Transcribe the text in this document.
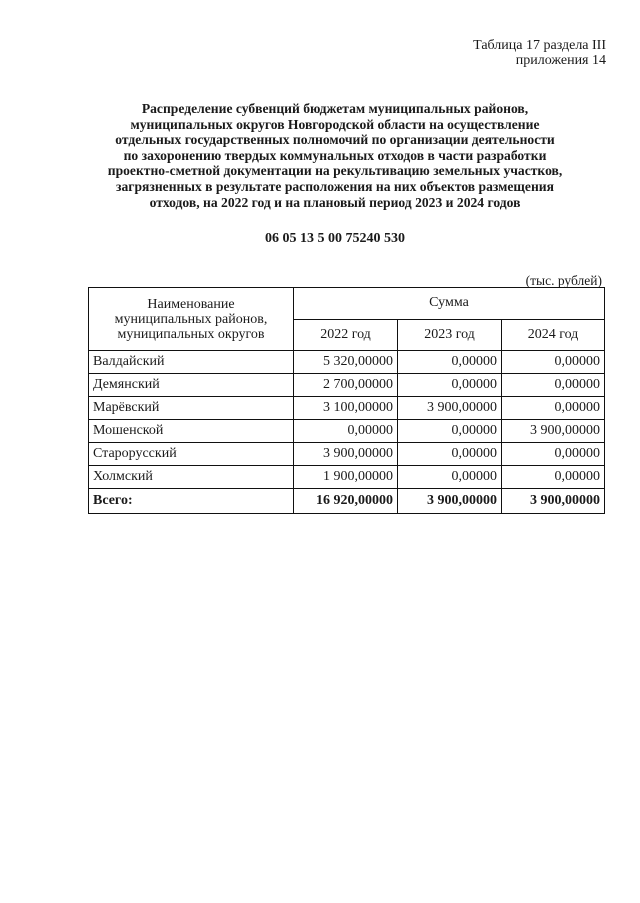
Таблица 17 раздела III
приложения 14
Распределение субвенций бюджетам муниципальных районов,
муниципальных округов Новгородской области на осуществление
отдельных государственных полномочий по организации деятельности
по захоронению твердых коммунальных отходов в части разработки
проектно-сметной документации на рекультивацию земельных участков,
загрязненных в результате расположения на них объектов размещения
отходов, на 2022 год и на плановый период 2023 и 2024 годов
06 05 13 5 00 75240 530
(тыс. рублей)
Наименование
муниципальных районов,
муниципальных округов	Сумма		
	2022 год	2023 год	2024 год
Валдайский	5 320,00000	0,00000	0,00000
Демянский	2 700,00000	0,00000	0,00000
Марёвский	3 100,00000	3 900,00000	0,00000
Мошенской	0,00000	0,00000	3 900,00000
Старорусский	3 900,00000	0,00000	0,00000
Холмский	1 900,00000	0,00000	0,00000
Всего:	16 920,00000	3 900,00000	3 900,00000
